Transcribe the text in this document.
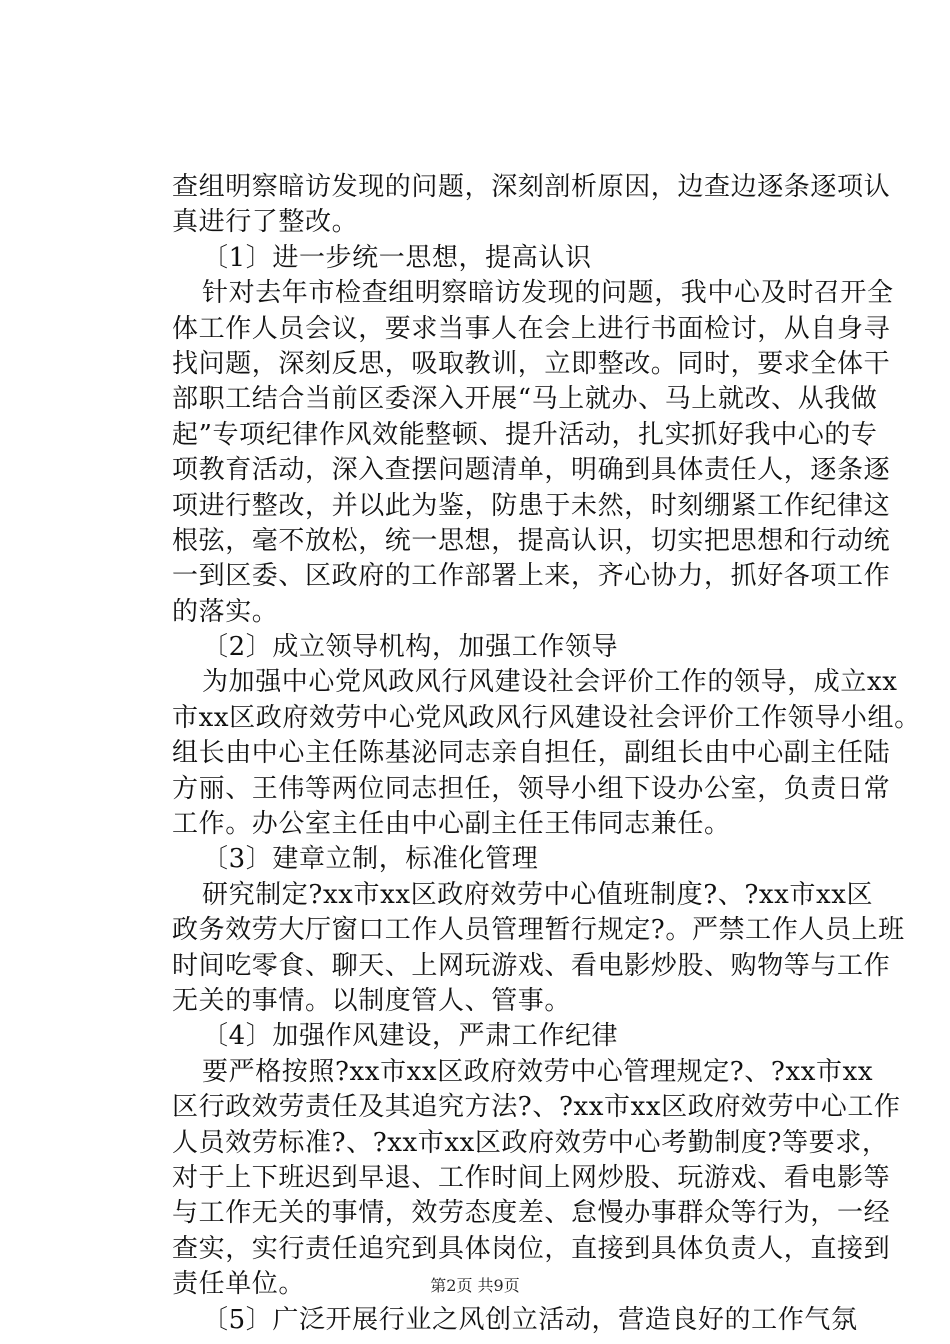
查组明察暗访发现的问题，深刻剖析原因，边查边逐条逐项认
真进行了整改。
〔1〕进一步统一思想，提高认识
针对去年市检查组明察暗访发现的问题，我中心及时召开全
体工作人员会议，要求当事人在会上进行书面检讨，从自身寻
找问题，深刻反思，吸取教训，立即整改。同时，要求全体干
部职工结合当前区委深入开展“马上就办、马上就改、从我做
起”专项纪律作风效能整顿、提升活动，扎实抓好我中心的专
项教育活动，深入查摆问题清单，明确到具体责任人，逐条逐
项进行整改，并以此为鉴，防患于未然，时刻绷紧工作纪律这
根弦，毫不放松，统一思想，提高认识，切实把思想和行动统
一到区委、区政府的工作部署上来，齐心协力，抓好各项工作
的落实。
〔2〕成立领导机构，加强工作领导
为加强中心党风政风行风建设社会评价工作的领导，成立xx
市xx区政府效劳中心党风政风行风建设社会评价工作领导小组。
组长由中心主任陈基泌同志亲自担任，副组长由中心副主任陆
方丽、王伟等两位同志担任，领导小组下设办公室，负责日常
工作。办公室主任由中心副主任王伟同志兼任。
〔3〕建章立制，标准化管理
研究制定?xx市xx区政府效劳中心值班制度?、?xx市xx区
政务效劳大厅窗口工作人员管理暂行规定?。严禁工作人员上班
时间吃零食、聊天、上网玩游戏、看电影炒股、购物等与工作
无关的事情。以制度管人、管事。
〔4〕加强作风建设，严肃工作纪律
要严格按照?xx市xx区政府效劳中心管理规定?、?xx市xx
区行政效劳责任及其追究方法?、?xx市xx区政府效劳中心工作
人员效劳标准?、?xx市xx区政府效劳中心考勤制度?等要求，
对于上下班迟到早退、工作时间上网炒股、玩游戏、看电影等
与工作无关的事情，效劳态度差、怠慢办事群众等行为，一经
查实，实行责任追究到具体岗位，直接到具体负责人，直接到
责任单位。
〔5〕广泛开展行业之风创立活动，营造良好的工作气氛
第2页 共9页
